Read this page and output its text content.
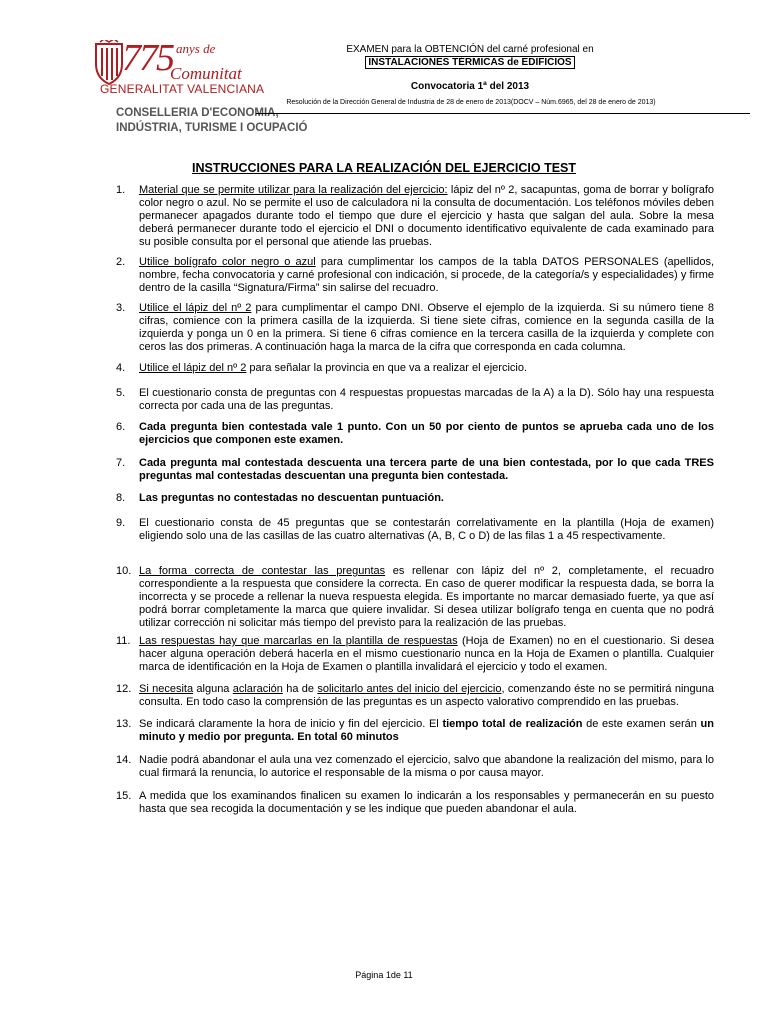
775 anys de
Comunitat
GENERALITAT VALENCIANA
CONSELLERIA D'ECONOMIA,
INDÚSTRIA, TURISME I OCUPACIÓ
EXAMEN para la OBTENCIÓN del carné profesional en
INSTALACIONES TÉRMICAS de EDIFICIOS
Convocatoria 1ª del 2013
Resolución de la Dirección General de Industria de 28 de enero de 2013(DOCV – Núm.6965, del 28 de enero de 2013)
INSTRUCCIONES PARA LA REALIZACIÓN DEL EJERCICIO TEST
1. Material que se permite utilizar para la realización del ejercicio: lápiz del nº 2, sacapuntas, goma de borrar y bolígrafo color negro o azul. No se permite el uso de calculadora ni la consulta de documentación. Los teléfonos móviles deben permanecer apagados durante todo el tiempo que dure el ejercicio y hasta que salgan del aula. Sobre la mesa deberá permanecer durante todo el ejercicio el DNI o documento identificativo equivalente de cada examinado para su posible consulta por el personal que atiende las pruebas.
2. Utilice bolígrafo color negro o azul para cumplimentar los campos de la tabla DATOS PERSONALES (apellidos, nombre, fecha convocatoria y carné profesional con indicación, si procede, de la categoría/s y especialidades) y firme dentro de la casilla “Signatura/Firma” sin salirse del recuadro.
3. Utilice el lápiz del nº 2 para cumplimentar el campo DNI. Observe el ejemplo de la izquierda. Si su número tiene 8 cifras, comience con la primera casilla de la izquierda. Si tiene siete cifras, comience en la segunda casilla de la izquierda y ponga un 0 en la primera. Si tiene 6 cifras comience en la tercera casilla de la izquierda y complete con ceros las dos primeras. A continuación haga la marca de la cifra que corresponda en cada columna.
4. Utilice el lápiz del nº 2 para señalar la provincia en que va a realizar el ejercicio.
5. El cuestionario consta de preguntas con 4 respuestas propuestas marcadas de la A) a la D). Sólo hay una respuesta correcta por cada una de las preguntas.
6. Cada pregunta bien contestada vale 1 punto. Con un 50 por ciento de puntos se aprueba cada uno de los ejercicios que componen este examen.
7. Cada pregunta mal contestada descuenta una tercera parte de una bien contestada, por lo que cada TRES preguntas mal contestadas descuentan una pregunta bien contestada.
8. Las preguntas no contestadas no descuentan puntuación.
9. El cuestionario consta de 45 preguntas que se contestarán correlativamente en la plantilla (Hoja de examen) eligiendo solo una de las casillas de las cuatro alternativas (A, B, C o D) de las filas 1 a 45 respectivamente.
10. La forma correcta de contestar las preguntas es rellenar con lápiz del nº 2, completamente, el recuadro correspondiente a la respuesta que considere la correcta. En caso de querer modificar la respuesta dada, se borra la incorrecta y se procede a rellenar la nueva respuesta elegida. Es importante no marcar demasiado fuerte, ya que así podrá borrar completamente la marca que quiere invalidar. Si desea utilizar bolígrafo tenga en cuenta que no podrá utilizar corrección ni solicitar más tiempo del previsto para la realización de las pruebas.
11. Las respuestas hay que marcarlas en la plantilla de respuestas (Hoja de Examen) no en el cuestionario. Si desea hacer alguna operación deberá hacerla en el mismo cuestionario nunca en la Hoja de Examen o plantilla. Cualquier marca de identificación en la Hoja de Examen o plantilla invalidará el ejercicio y todo el examen.
12. Si necesita alguna aclaración ha de solicitarlo antes del inicio del ejercicio, comenzando éste no se permitirá ninguna consulta. En todo caso la comprensión de las preguntas es un aspecto valorativo comprendido en las pruebas.
13. Se indicará claramente la hora de inicio y fin del ejercicio. El tiempo total de realización de este examen serán un minuto y medio por pregunta. En total 60 minutos
14. Nadie podrá abandonar el aula una vez comenzado el ejercicio, salvo que abandone la realización del mismo, para lo cual firmará la renuncia, lo autorice el responsable de la misma o por causa mayor.
15. A medida que los examinandos finalicen su examen lo indicarán a los responsables y permanecerán en su puesto hasta que sea recogida la documentación y se les indique que pueden abandonar el aula.
Página 1de 11
